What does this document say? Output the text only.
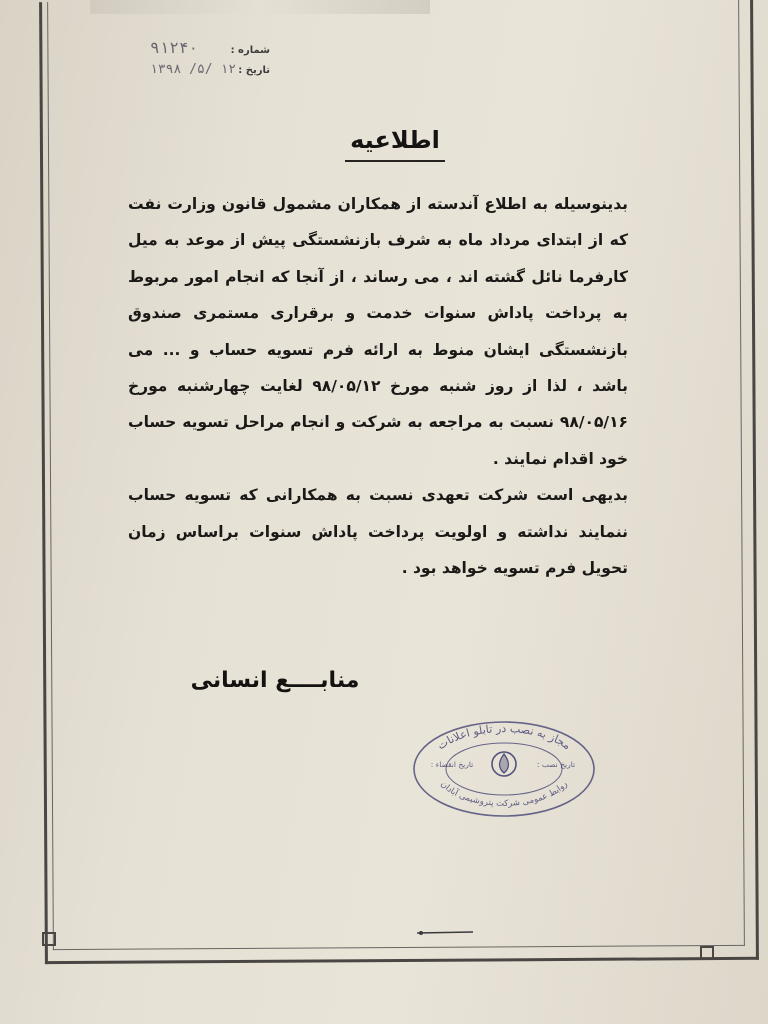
۹۱۲۴۰	شماره :
۱۳۹۸ /۵/ ۱۲ تاریخ :
اطلاعیه

بدینوسیله به اطلاع آندسته از همکاران مشمول قانون وزارت نفت که از ابتدای مرداد ماه به شرف بازنشستگی پیش از موعد به میل کارفرما نائل گشته اند ، می رساند ، از آنجا که انجام امور مربوط به پرداخت پاداش سنوات خدمت و برقراری مستمری صندوق بازنشستگی ایشان منوط به ارائه فرم تسویه حساب و ... می باشد ، لذا از روز شنبه مورخ ۹۸/۰۵/۱۲ لغایت چهارشنبه مورخ ۹۸/۰۵/۱۶ نسبت به مراجعه به شرکت و انجام مراحل تسویه حساب خود اقدام نمایند .

بدیهی است شرکت تعهدی نسبت به همکارانی که تسویه حساب ننمایند نداشته و اولویت پرداخت پاداش سنوات براساس زمان تحویل فرم تسویه خواهد بود .

منابــــع انسانی
مجاز به نصب در تابلو اعلانات
روابط عمومی شرکت پتروشیمی آبادان
تاریخ نصب :
تاریخ انقضاء :
